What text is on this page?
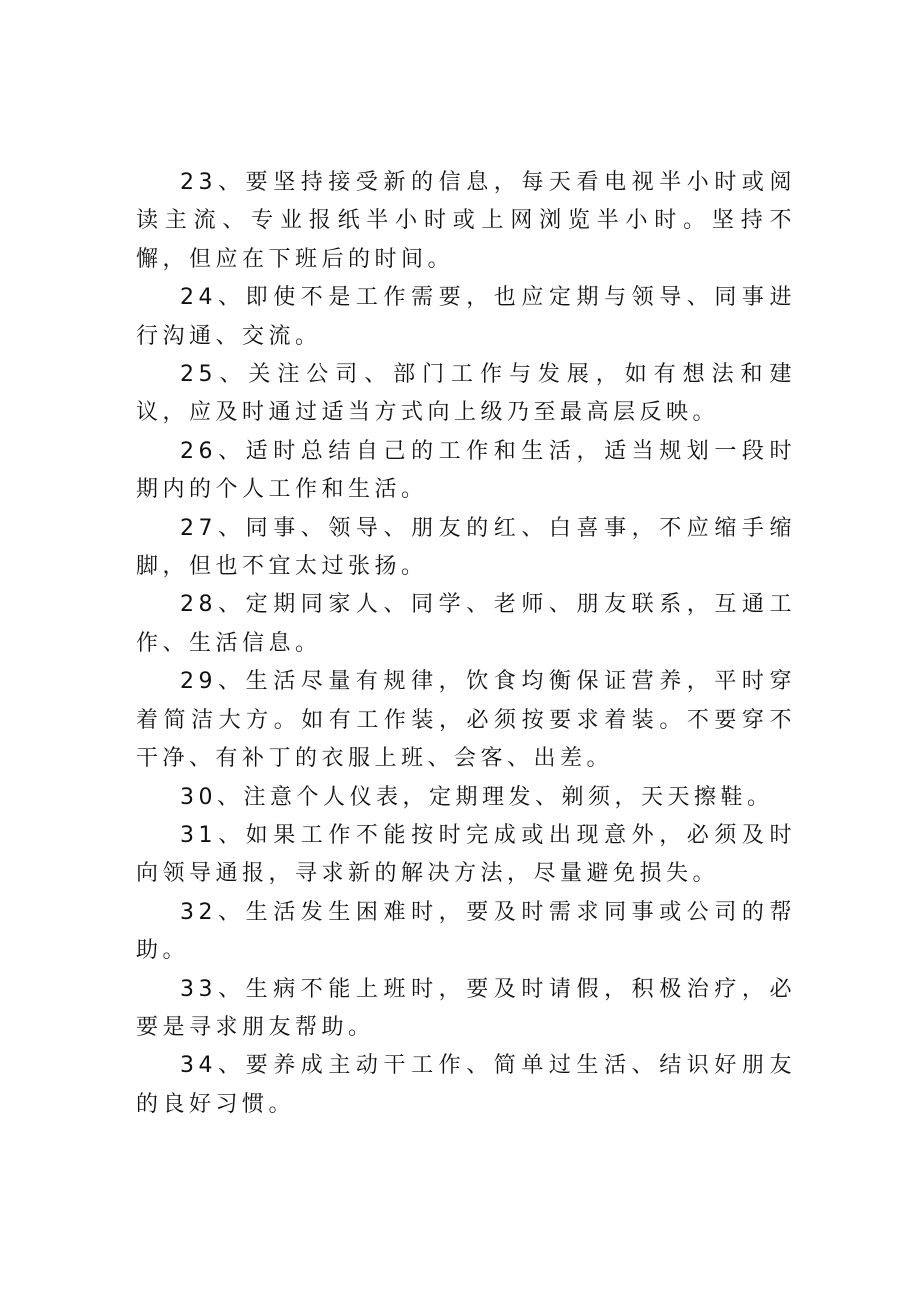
23、要坚持接受新的信息，每天看电视半小时或阅读主流、专业报纸半小时或上网浏览半小时。坚持不懈，但应在下班后的时间。

24、即使不是工作需要，也应定期与领导、同事进行沟通、交流。

25、关注公司、部门工作与发展，如有想法和建议，应及时通过适当方式向上级乃至最高层反映。

26、适时总结自己的工作和生活，适当规划一段时期内的个人工作和生活。

27、同事、领导、朋友的红、白喜事，不应缩手缩脚，但也不宜太过张扬。

28、定期同家人、同学、老师、朋友联系，互通工作、生活信息。

29、生活尽量有规律，饮食均衡保证营养，平时穿着简洁大方。如有工作装，必须按要求着装。不要穿不干净、有补丁的衣服上班、会客、出差。

30、注意个人仪表，定期理发、剃须，天天擦鞋。

31、如果工作不能按时完成或出现意外，必须及时向领导通报，寻求新的解决方法，尽量避免损失。

32、生活发生困难时，要及时需求同事或公司的帮助。

33、生病不能上班时，要及时请假，积极治疗，必要是寻求朋友帮助。

34、要养成主动干工作、简单过生活、结识好朋友的良好习惯。
